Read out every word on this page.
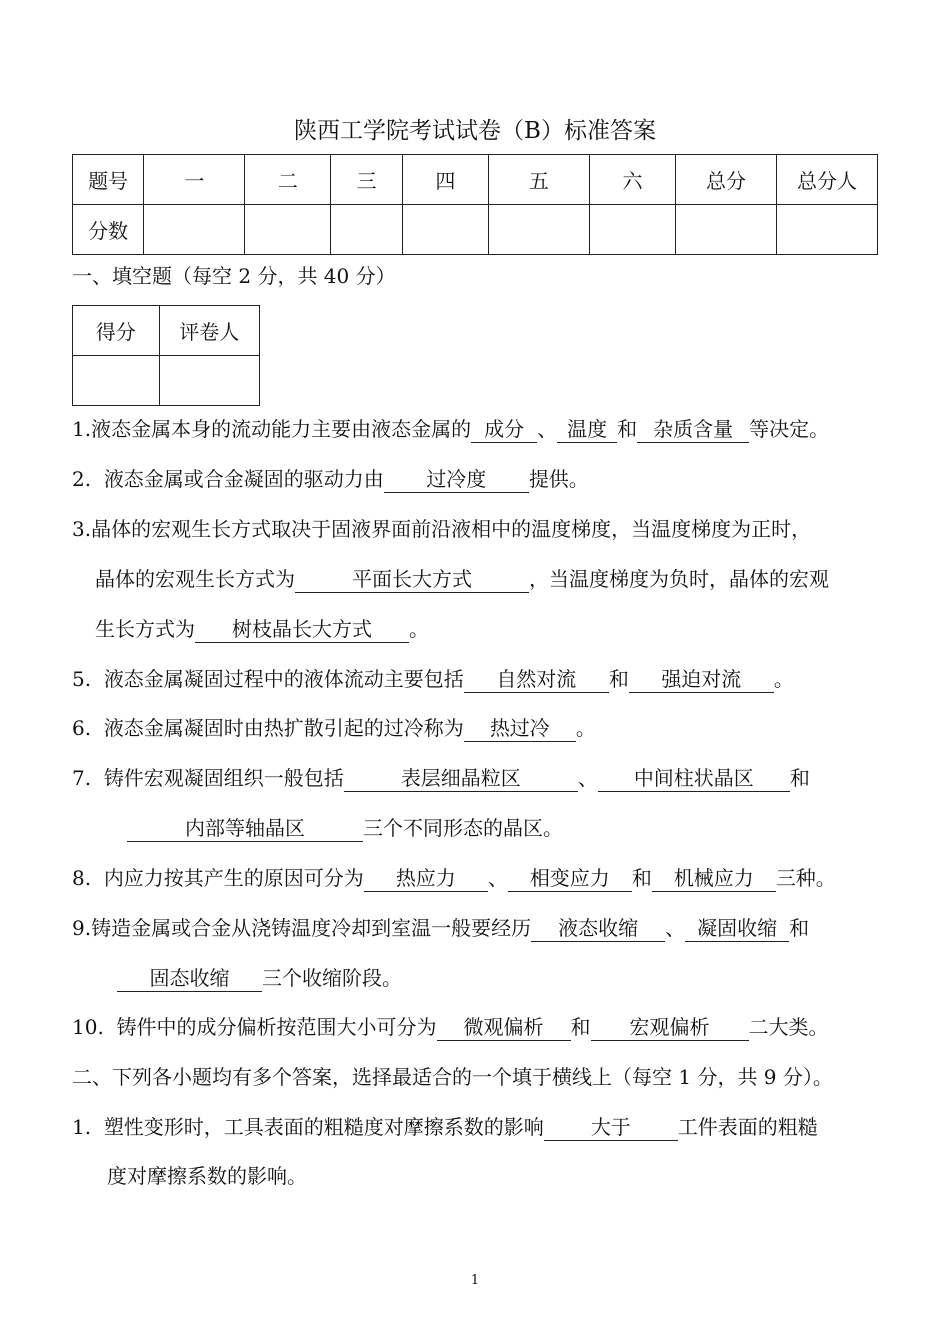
陕西工学院考试试卷（B）标准答案
题号	一	二	三	四	五	六	总分	总分人
分数								
一、填空题（每空 2 分，共 40 分）
得分	评卷人

1.液态金属本身的流动能力主要由液态金属的 成分 、 温度 和 杂质含量 等决定。
2. 液态金属或合金凝固的驱动力由 过冷度 提供。
3.晶体的宏观生长方式取决于固液界面前沿液相中的温度梯度，当温度梯度为正时，
晶体的宏观生长方式为	平面长大方式	，当温度梯度为负时，晶体的宏观
生长方式为 树枝晶长大方式 。
5. 液态金属凝固过程中的液体流动主要包括 自然对流 和 强迫对流 。
6. 液态金属凝固时由热扩散引起的过冷称为 热过冷 。
7. 铸件宏观凝固组织一般包括	表层细晶粒区	、 中间柱状晶区 和
内部等轴晶区	三个不同形态的晶区。
8. 内应力按其产生的原因可分为 热应力 、 相变应力 和 机械应力 三种。
9.铸造金属或合金从浇铸温度冷却到室温一般要经历 液态收缩 、 凝固收缩 和
固态收缩 三个收缩阶段。
10. 铸件中的成分偏析按范围大小可分为 微观偏析 和 宏观偏析 二大类。
二、下列各小题均有多个答案，选择最适合的一个填于横线上（每空 1 分，共 9 分）。
1. 塑性变形时，工具表面的粗糙度对摩擦系数的影响 大于 工件表面的粗糙
度对摩擦系数的影响。
1
